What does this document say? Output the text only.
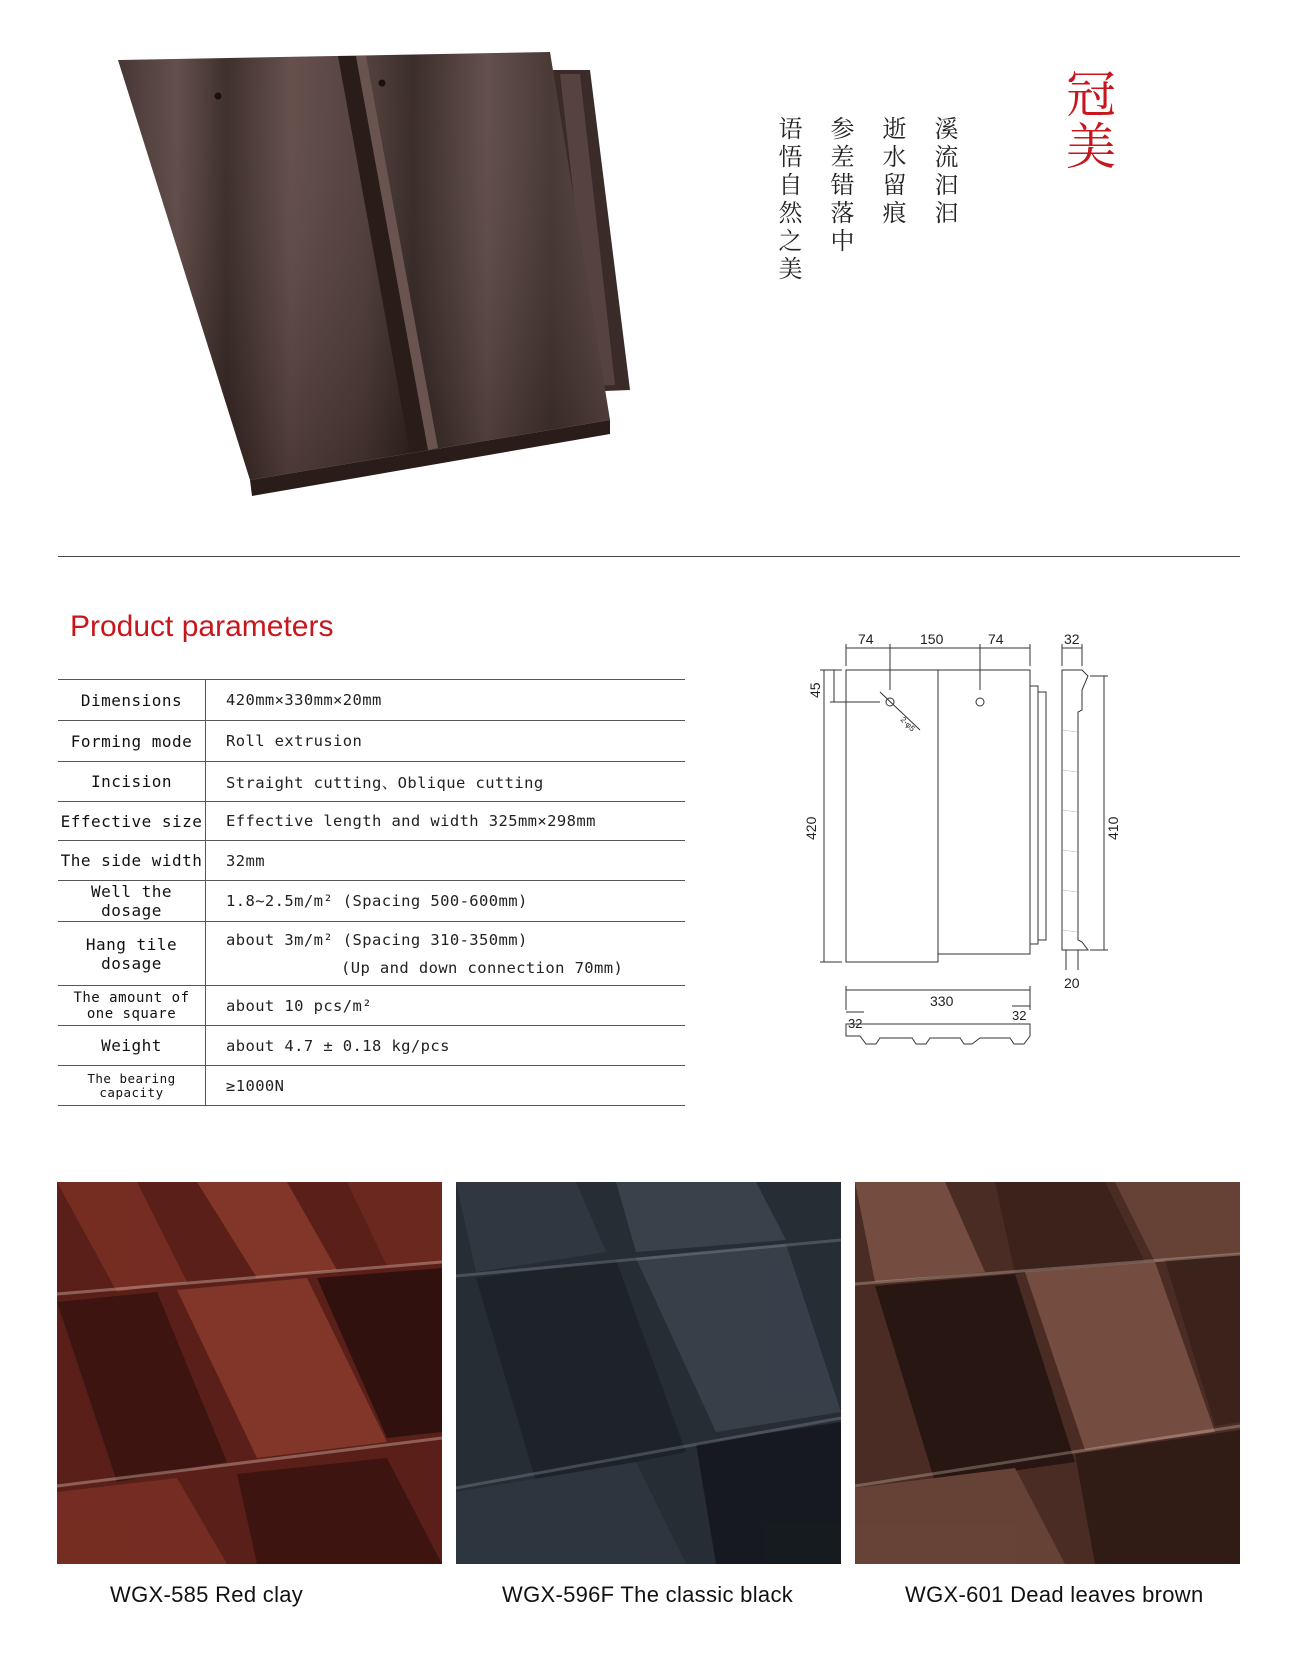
冠美
溪流汩汩
逝水留痕
参差错落中
语悟自然之美
Product parameters
Dimensions	420mm×330mm×20mm
Forming mode	Roll extrusion
Incision	Straight cutting、Oblique cutting
Effective size	Effective length and width 325mm×298mm
The side width	32mm
Well the dosage	1.8~2.5m/m² (Spacing 500-600mm)
Hang tile dosage	about 3m/m² (Spacing 310-350mm)
(Up and down connection 70mm)

The amount of one square	about 10 pcs/m²
Weight	about 4.7 ± 0.18 kg/pcs
The bearing capacity	≥1000N
74	150	74	32
45
420	410
20
330
32
32
2-φ5
WGX-585 Red clay	WGX-596F The classic black	WGX-601 Dead leaves brown
